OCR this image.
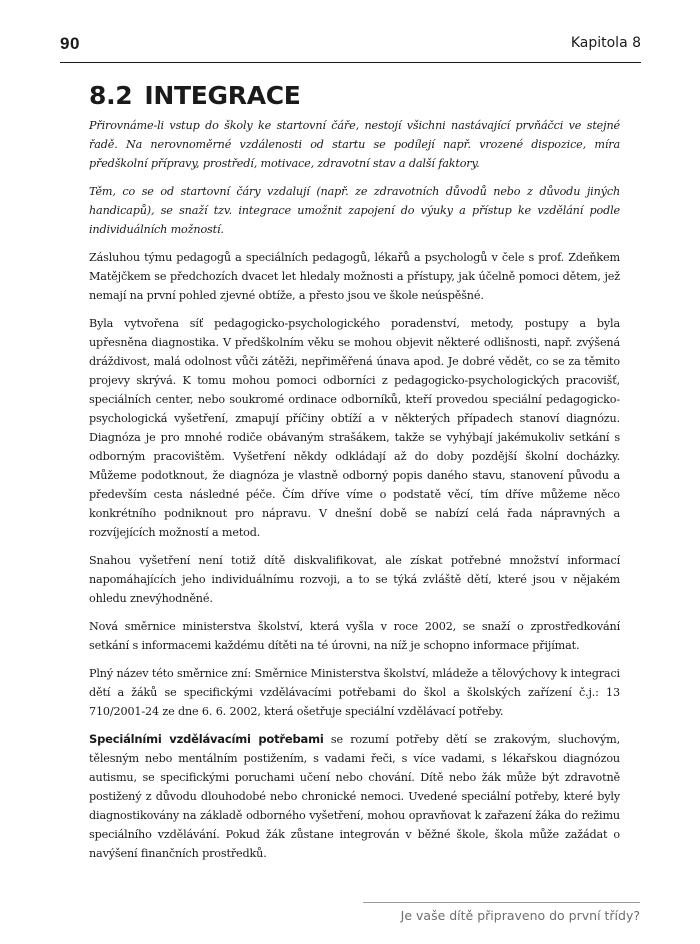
90	Kapitola 8
8.2 INTEGRACE

Přirovnáme-li vstup do školy ke startovní čáře, nestojí všichni nastávající prvňáčci ve stejné řadě. Na nerovnoměrné vzdálenosti od startu se podílejí např. vrozené dispozice, míra předškolní přípravy, prostředí, motivace, zdravotní stav a další faktory.

Těm, co se od startovní čáry vzdalují (např. ze zdravotních důvodů nebo z důvodu jiných handicapů), se snaží tzv. integrace umožnit zapojení do výuky a přístup ke vzdělání podle individuálních možností.

Zásluhou týmu pedagogů a speciálních pedagogů, lékařů a psychologů v čele s prof. Zdeňkem Matějčkem se předchozích dvacet let hledaly možnosti a přístupy, jak účelně pomoci dětem, jež nemají na první pohled zjevné obtíže, a přesto jsou ve škole neúspěšné.

Byla vytvořena síť pedagogicko-psychologického poradenství, metody, postupy a byla upřesněna diagnostika. V předškolním věku se mohou objevit některé odlišnosti, např. zvýšená dráždivost, malá odolnost vůči zátěži, nepřiměřená únava apod. Je dobré vědět, co se za těmito projevy skrývá. K tomu mohou pomoci odborníci z pedagogicko-psychologických pracovišť, speciálních center, nebo soukromé ordinace odborníků, kteří provedou speciální pedagogicko-psychologická vyšetření, zmapují příčiny obtíží a v některých případech stanoví diagnózu. Diagnóza je pro mnohé rodiče obávaným strašákem, takže se vyhýbají jakémukoliv setkání s odborným pracovištěm. Vyšetření někdy odkládají až do doby pozdější školní docházky. Můžeme podotknout, že diagnóza je vlastně odborný popis daného stavu, stanovení původu a především cesta následné péče. Čím dříve víme o podstatě věcí, tím dříve můžeme něco konkrétního podniknout pro nápravu. V dnešní době se nabízí celá řada nápravných a rozvíjejících možností a metod.

Snahou vyšetření není totiž dítě diskvalifikovat, ale získat potřebné množství informací napomáhajících jeho individuálnímu rozvoji, a to se týká zvláště dětí, které jsou v nějakém ohledu znevýhodněné.

Nová směrnice ministerstva školství, která vyšla v roce 2002, se snaží o zprostředkování setkání s informacemi každému dítěti na té úrovni, na níž je schopno informace přijímat.

Plný název této směrnice zní: Směrnice Ministerstva školství, mládeže a tělovýchovy k integraci dětí a žáků se specifickými vzdělávacími potřebami do škol a školských zařízení č.j.: 13 710/2001-24 ze dne 6. 6. 2002, která ošetřuje speciální vzdělávací potřeby.

Speciálními vzdělávacími potřebami se rozumí potřeby dětí se zrakovým, sluchovým, tělesným nebo mentálním postižením, s vadami řeči, s více vadami, s lékařskou diagnózou autismu, se specifickými poruchami učení nebo chování. Dítě nebo žák může být zdravotně postižený z důvodu dlouhodobé nebo chronické nemoci. Uvedené speciální potřeby, které byly diagnostikovány na základě odborného vyšetření, mohou opravňovat k zařazení žáka do režimu speciálního vzdělávání. Pokud žák zůstane integrován v běžné škole, škola může zažádat o navýšení finančních prostředků.

Je vaše dítě připraveno do první třídy?
